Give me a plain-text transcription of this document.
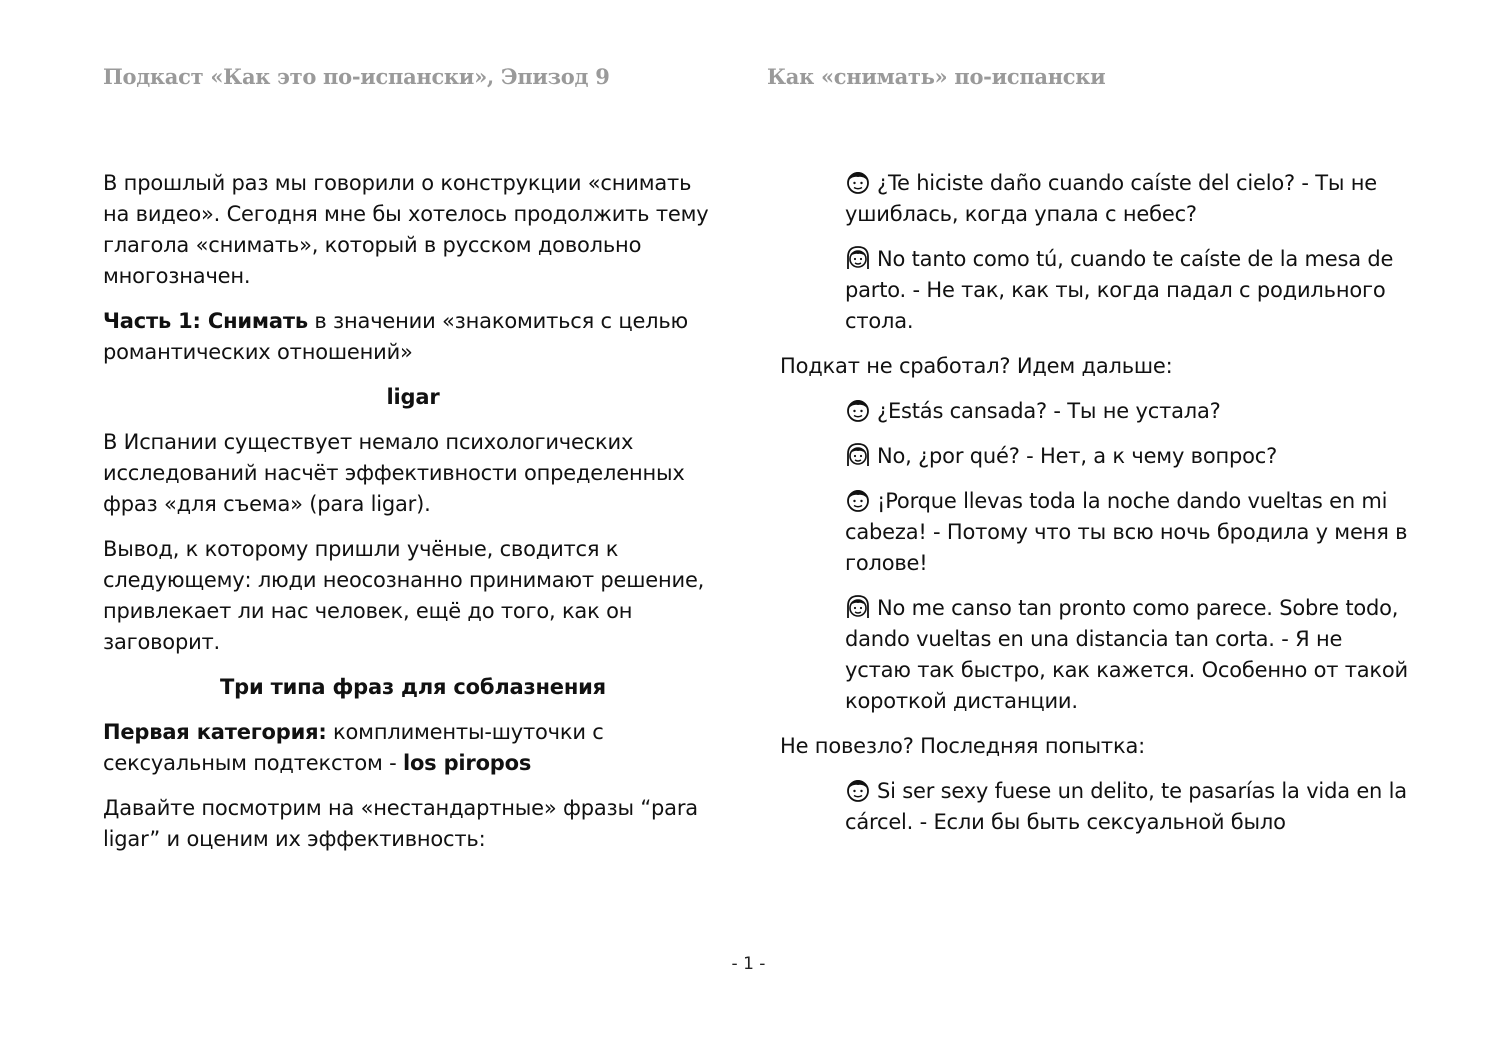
Подкаст «Как это по-испански», Эпизод 9	Как «снимать» по-испански

В прошлый раз мы говорили о конструкции «снимать на видео». Сегодня мне бы хотелось продолжить тему глагола «снимать», который в русском довольно многозначен.

Часть 1: Снимать в значении «знакомиться с целью романтических отношений»

ligar

В Испании существует немало психологических исследований насчёт эффективности определенных фраз «для съема» (para ligar).

Вывод, к которому пришли учёные, сводится к следующему: люди неосознанно принимают решение, привлекает ли нас человек, ещё до того, как он заговорит.

Три типа фраз для соблазнения

Первая категория: комплименты-шуточки с сексуальным подтекстом - los piropos

Давайте посмотрим на «нестандартные» фразы “para ligar” и оценим их эффективность:

¿Te hiciste daño cuando caíste del cielo? - Ты не ушиблась, когда упала с небес?

No tanto como tú, cuando te caíste de la mesa de parto. - Не так, как ты, когда падал с родильного стола.

Подкат не сработал? Идем дальше:

¿Estás cansada? - Ты не устала?

No, ¿por qué? - Нет, а к чему вопрос?

¡Porque llevas toda la noche dando vueltas en mi cabeza! - Потому что ты всю ночь бродила у меня в голове!

No me canso tan pronto como parece. Sobre todo, dando vueltas en una distancia tan corta. - Я не устаю так быстро, как кажется. Особенно от такой короткой дистанции.

Не повезло? Последняя попытка:

Si ser sexy fuese un delito, te pasarías la vida en la cárcel. - Если бы быть сексуальной было

- 1 -
